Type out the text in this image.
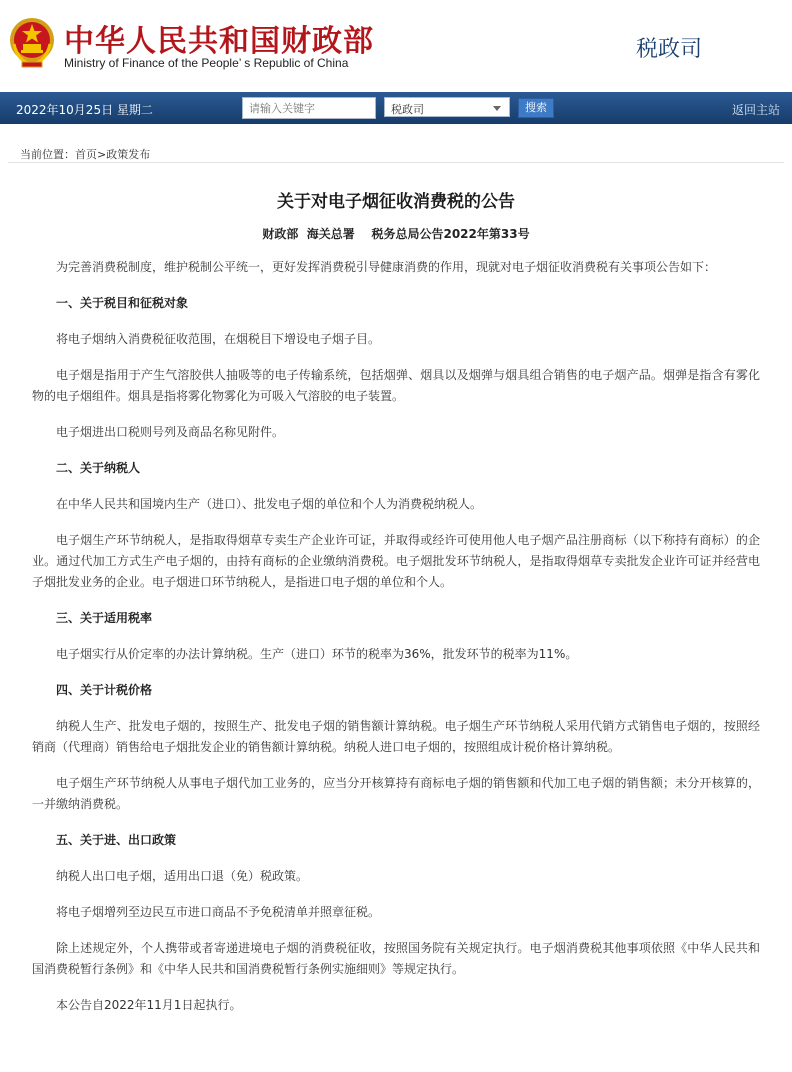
中华人民共和国财政部
Ministry of Finance of the People’ s Republic of China
税政司
2022年10月25日 星期二
请输入关键字	税政司	搜索	返回主站
当前位置：首页>政策发布
关于对电子烟征收消费税的公告
财政部  海关总署    税务总局公告2022年第33号

为完善消费税制度，维护税制公平统一，更好发挥消费税引导健康消费的作用，现就对电子烟征收消费税有关事项公告如下：

一、关于税目和征税对象

将电子烟纳入消费税征收范围，在烟税目下增设电子烟子目。

电子烟是指用于产生气溶胶供人抽吸等的电子传输系统，包括烟弹、烟具以及烟弹与烟具组合销售的电子烟产品。烟弹是指含有雾化物的电子烟组件。烟具是指将雾化物雾化为可吸入气溶胶的电子装置。

电子烟进出口税则号列及商品名称见附件。

二、关于纳税人

在中华人民共和国境内生产（进口）、批发电子烟的单位和个人为消费税纳税人。

电子烟生产环节纳税人，是指取得烟草专卖生产企业许可证，并取得或经许可使用他人电子烟产品注册商标（以下称持有商标）的企业。通过代加工方式生产电子烟的，由持有商标的企业缴纳消费税。电子烟批发环节纳税人，是指取得烟草专卖批发企业许可证并经营电子烟批发业务的企业。电子烟进口环节纳税人，是指进口电子烟的单位和个人。

三、关于适用税率

电子烟实行从价定率的办法计算纳税。生产（进口）环节的税率为36%，批发环节的税率为11%。

四、关于计税价格

纳税人生产、批发电子烟的，按照生产、批发电子烟的销售额计算纳税。电子烟生产环节纳税人采用代销方式销售电子烟的，按照经销商（代理商）销售给电子烟批发企业的销售额计算纳税。纳税人进口电子烟的，按照组成计税价格计算纳税。

电子烟生产环节纳税人从事电子烟代加工业务的，应当分开核算持有商标电子烟的销售额和代加工电子烟的销售额；未分开核算的，一并缴纳消费税。

五、关于进、出口政策

纳税人出口电子烟，适用出口退（免）税政策。

将电子烟增列至边民互市进口商品不予免税清单并照章征税。

除上述规定外，个人携带或者寄递进境电子烟的消费税征收，按照国务院有关规定执行。电子烟消费税其他事项依照《中华人民共和国消费税暂行条例》和《中华人民共和国消费税暂行条例实施细则》等规定执行。

本公告自2022年11月1日起执行。
